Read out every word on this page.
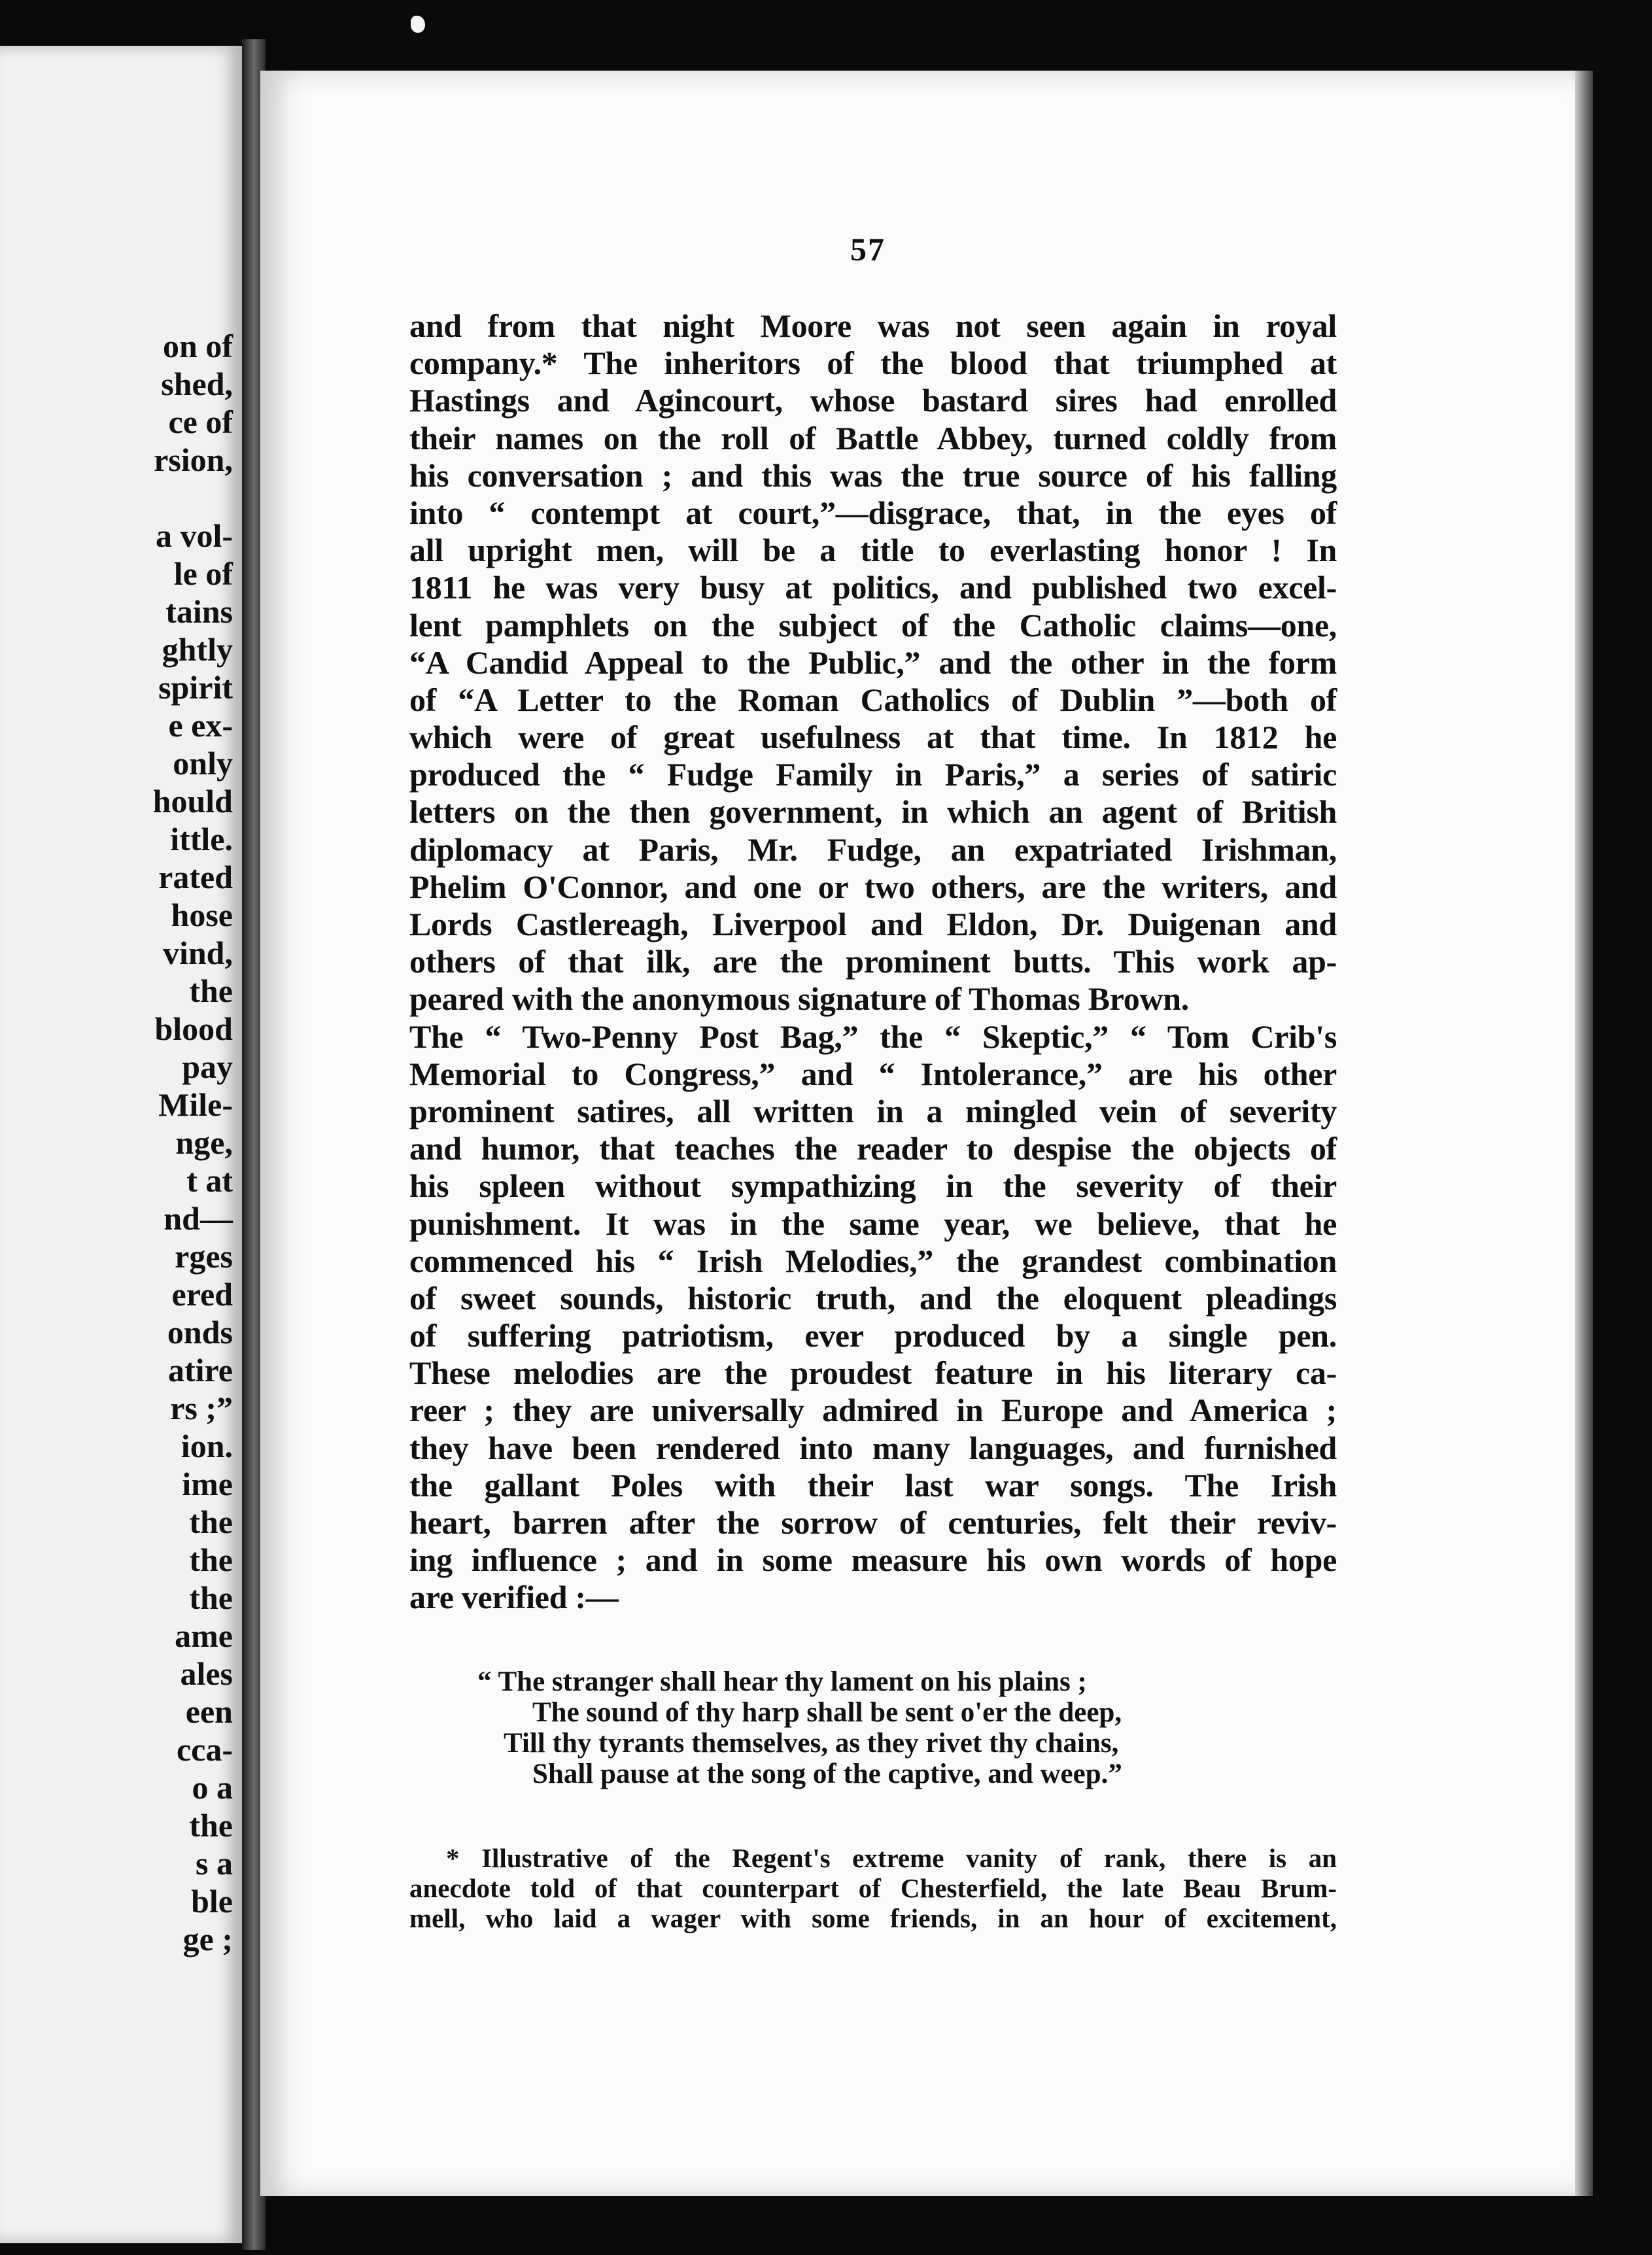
on of
shed,
ce of
rsion,

a vol-
le of
tains
ghtly
spirit
e ex-
only
hould
ittle.
rated
hose
vind,
the
blood
pay
Mile-
nge,
t at
nd—
rges
ered
onds
atire
rs ;”
ion.
ime
the
the
the
ame
ales
een
cca-
o a
the
s a
ble
ge ;
57
and from that night Moore was not seen again in royal
company.* The inheritors of the blood that triumphed at
Hastings and Agincourt, whose bastard sires had enrolled
their names on the roll of Battle Abbey, turned coldly from
his conversation ; and this was the true source of his falling
into “ contempt at court,”—disgrace, that, in the eyes of
all upright men, will be a title to everlasting honor ! In
1811 he was very busy at politics, and published two excel-
lent pamphlets on the subject of the Catholic claims—one,
“A Candid Appeal to the Public,” and the other in the form
of “A Letter to the Roman Catholics of Dublin ”—both of
which were of great usefulness at that time. In 1812 he
produced the “ Fudge Family in Paris,” a series of satiric
letters on the then government, in which an agent of British
diplomacy at Paris, Mr. Fudge, an expatriated Irishman,
Phelim O'Connor, and one or two others, are the writers, and
Lords Castlereagh, Liverpool and Eldon, Dr. Duigenan and
others of that ilk, are the prominent butts. This work ap-
peared with the anonymous signature of Thomas Brown.
The “ Two-Penny Post Bag,” the “ Skeptic,” “ Tom Crib's
Memorial to Congress,” and “ Intolerance,” are his other
prominent satires, all written in a mingled vein of severity
and humor, that teaches the reader to despise the objects of
his spleen without sympathizing in the severity of their
punishment. It was in the same year, we believe, that he
commenced his “ Irish Melodies,” the grandest combination
of sweet sounds, historic truth, and the eloquent pleadings
of suffering patriotism, ever produced by a single pen.
These melodies are the proudest feature in his literary ca-
reer ; they are universally admired in Europe and America ;
they have been rendered into many languages, and furnished
the gallant Poles with their last war songs. The Irish
heart, barren after the sorrow of centuries, felt their reviv-
ing influence ; and in some measure his own words of hope
are verified :—
“ The stranger shall hear thy lament on his plains ;
The sound of thy harp shall be sent o'er the deep,
Till thy tyrants themselves, as they rivet thy chains,
Shall pause at the song of the captive, and weep.”
* Illustrative of the Regent's extreme vanity of rank, there is an
anecdote told of that counterpart of Chesterfield, the late Beau Brum-
mell, who laid a wager with some friends, in an hour of excitement,
